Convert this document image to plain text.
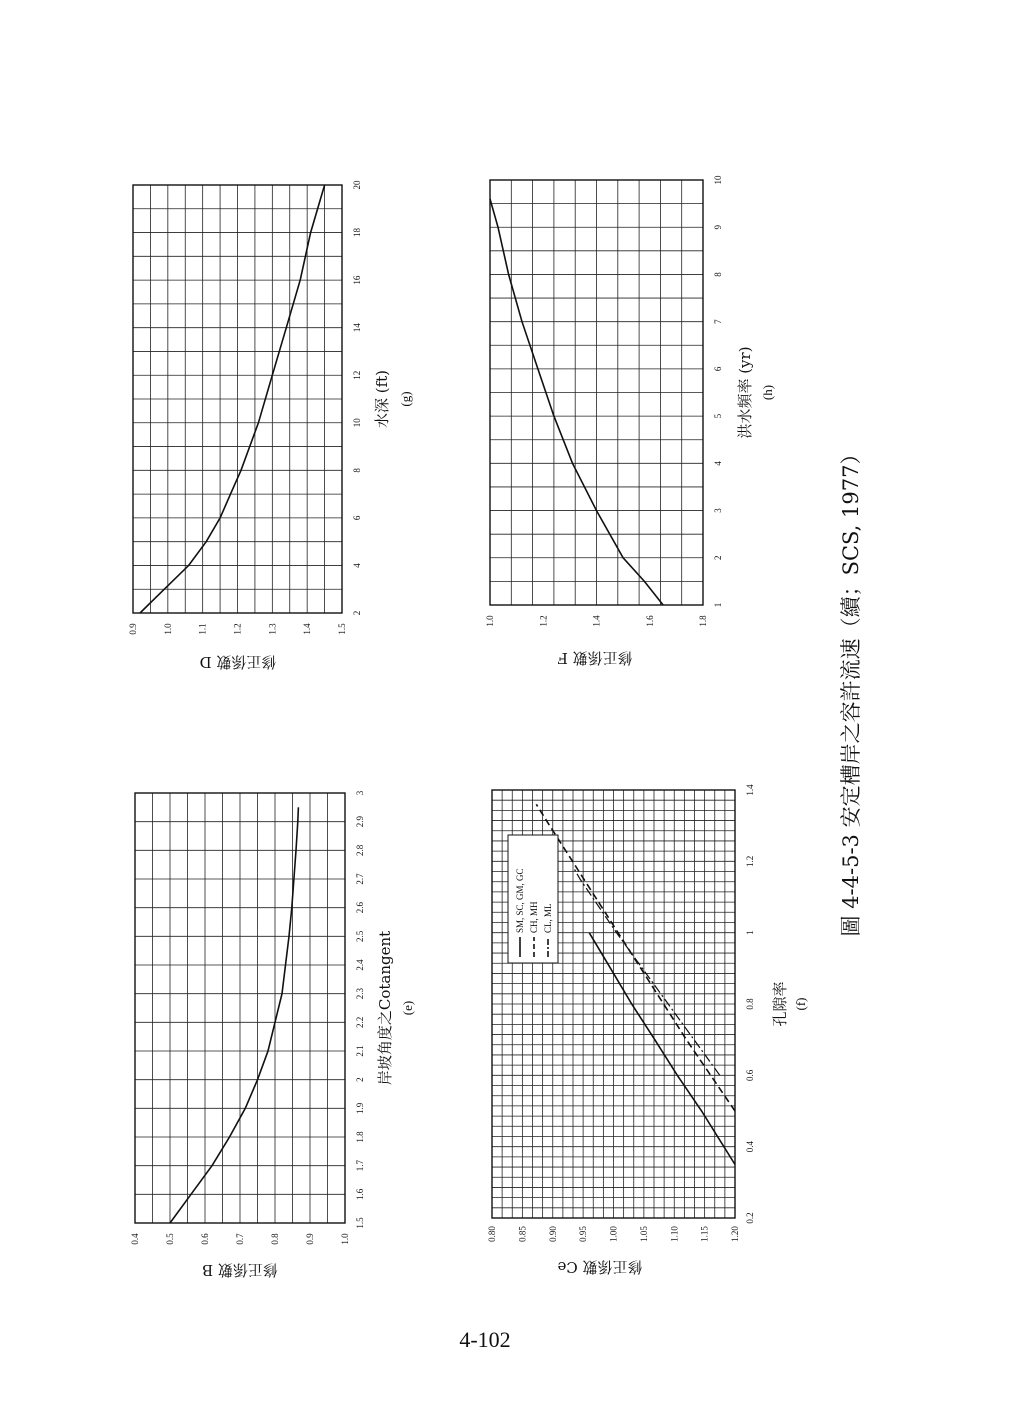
1.5
1.6
1.7
1.8
1.9
2
2.1
2.2
2.3
2.4
2.5
2.6
2.7
2.8
2.9
3
0.4	0.5	0.6	0.7	0.8	0.9	1.0
岸坡角度之Cotangent (e)
修正係數 B
0.2
0.4
0.6
0.8
1
1.2
1.4
0.80 0.85 0.90 0.95 1.00 1.05 1.10 1.15 1.20
孔隙率 (f)
修正係數 Ce
SM, SC, GM, GC CH, MH CL, ML
2
4
6
8
10
12
14
16
18
20
0.9	1.0	1.1	1.2	1.3	1.4	1.5
水深 (ft) (g)
修正係數 D
1
2
3
4
5
6
7
8
9
10
1.0	1.2	1.4	1.6	1.8
洪水頻率 (yr) (h)
修正係數 F	圖 4-4-5-3 安定槽岸之容許流速（續；SCS, 1977）
4-102
